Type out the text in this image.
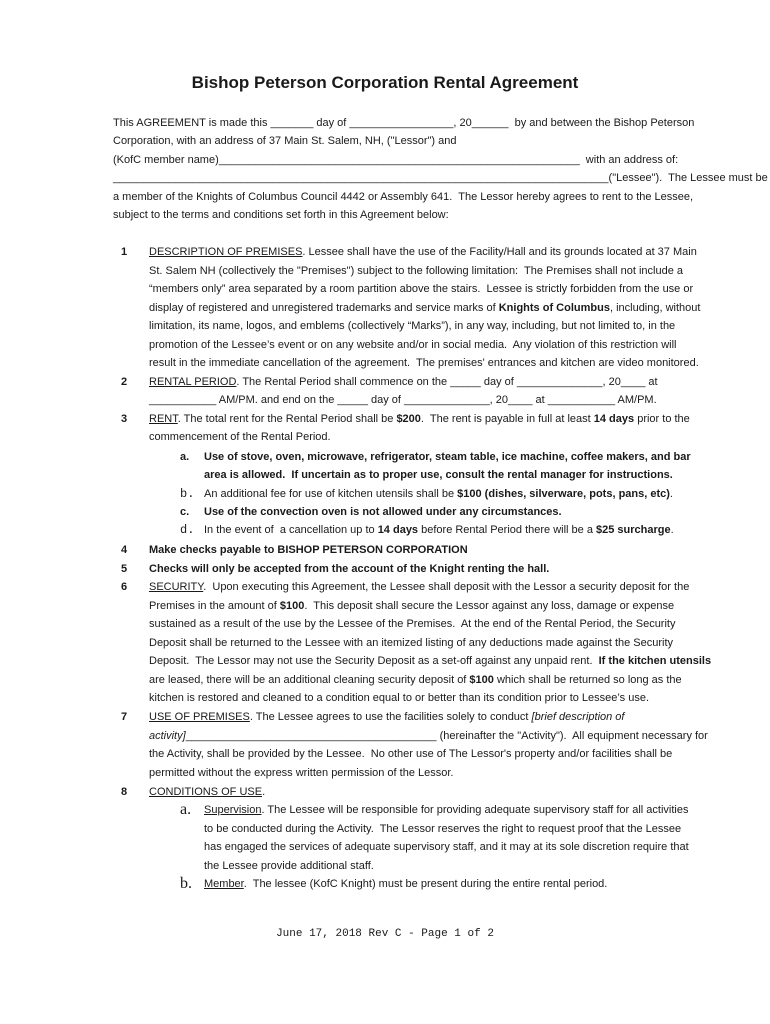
Bishop Peterson Corporation Rental Agreement
This AGREEMENT is made this _______ day of _________________, 20______  by and between the Bishop Peterson
Corporation, with an address of 37 Main St. Salem, NH, ("Lessor") and
(KofC member name)___________________________________________________________  with an address of:
_________________________________________________________________________________("Lessee").  The Lessee must be
a member of the Knights of Columbus Council 4442 or Assembly 641.  The Lessor hereby agrees to rent to the Lessee,
subject to the terms and conditions set forth in this Agreement below:
1 DESCRIPTION OF PREMISES. Lessee shall have the use of the Facility/Hall and its grounds located at 37 Main
St. Salem NH (collectively the "Premises") subject to the following limitation:  The Premises shall not include a
“members only” area separated by a room partition above the stairs.  Lessee is strictly forbidden from the use or
display of registered and unregistered trademarks and service marks of Knights of Columbus, including, without
limitation, its name, logos, and emblems (collectively “Marks”), in any way, including, but not limited to, in the
promotion of the Lessee’s event or on any website and/or in social media.  Any violation of this restriction will
result in the immediate cancellation of the agreement.  The premises' entrances and kitchen are video monitored.
2 RENTAL PERIOD. The Rental Period shall commence on the _____ day of ______________, 20____ at
___________ AM/PM. and end on the _____ day of ______________, 20____ at ___________ AM/PM.
3 RENT. The total rent for the Rental Period shall be $200.  The rent is payable in full at least 14 days prior to the
commencement of the Rental Period.
a. Use of stove, oven, microwave, refrigerator, steam table, ice machine, coffee makers, and bar
area is allowed.  If uncertain as to proper use, consult the rental manager for instructions.
b. An additional fee for use of kitchen utensils shall be $100 (dishes, silverware, pots, pans, etc).
c. Use of the convection oven is not allowed under any circumstances.
d. In the event of  a cancellation up to 14 days before Rental Period there will be a $25 surcharge.
4 Make checks payable to BISHOP PETERSON CORPORATION
5 Checks will only be accepted from the account of the Knight renting the hall.
6 SECURITY.  Upon executing this Agreement, the Lessee shall deposit with the Lessor a security deposit for the
Premises in the amount of $100.  This deposit shall secure the Lessor against any loss, damage or expense
sustained as a result of the use by the Lessee of the Premises.  At the end of the Rental Period, the Security
Deposit shall be returned to the Lessee with an itemized listing of any deductions made against the Security
Deposit.  The Lessor may not use the Security Deposit as a set-off against any unpaid rent.  If the kitchen utensils
are leased, there will be an additional cleaning security deposit of $100 which shall be returned so long as the
kitchen is restored and cleaned to a condition equal to or better than its condition prior to Lessee’s use.
7 USE OF PREMISES. The Lessee agrees to use the facilities solely to conduct [brief description of
activity]_________________________________________ (hereinafter the "Activity").  All equipment necessary for
the Activity, shall be provided by the Lessee.  No other use of The Lessor's property and/or facilities shall be
permitted without the express written permission of the Lessor.
8 CONDITIONS OF USE.
a. Supervision. The Lessee will be responsible for providing adequate supervisory staff for all activities
to be conducted during the Activity.  The Lessor reserves the right to request proof that the Lessee
has engaged the services of adequate supervisory staff, and it may at its sole discretion require that
the Lessee provide additional staff.
b. Member.  The lessee (KofC Knight) must be present during the entire rental period.
June 17, 2018 Rev C - Page 1 of 2
